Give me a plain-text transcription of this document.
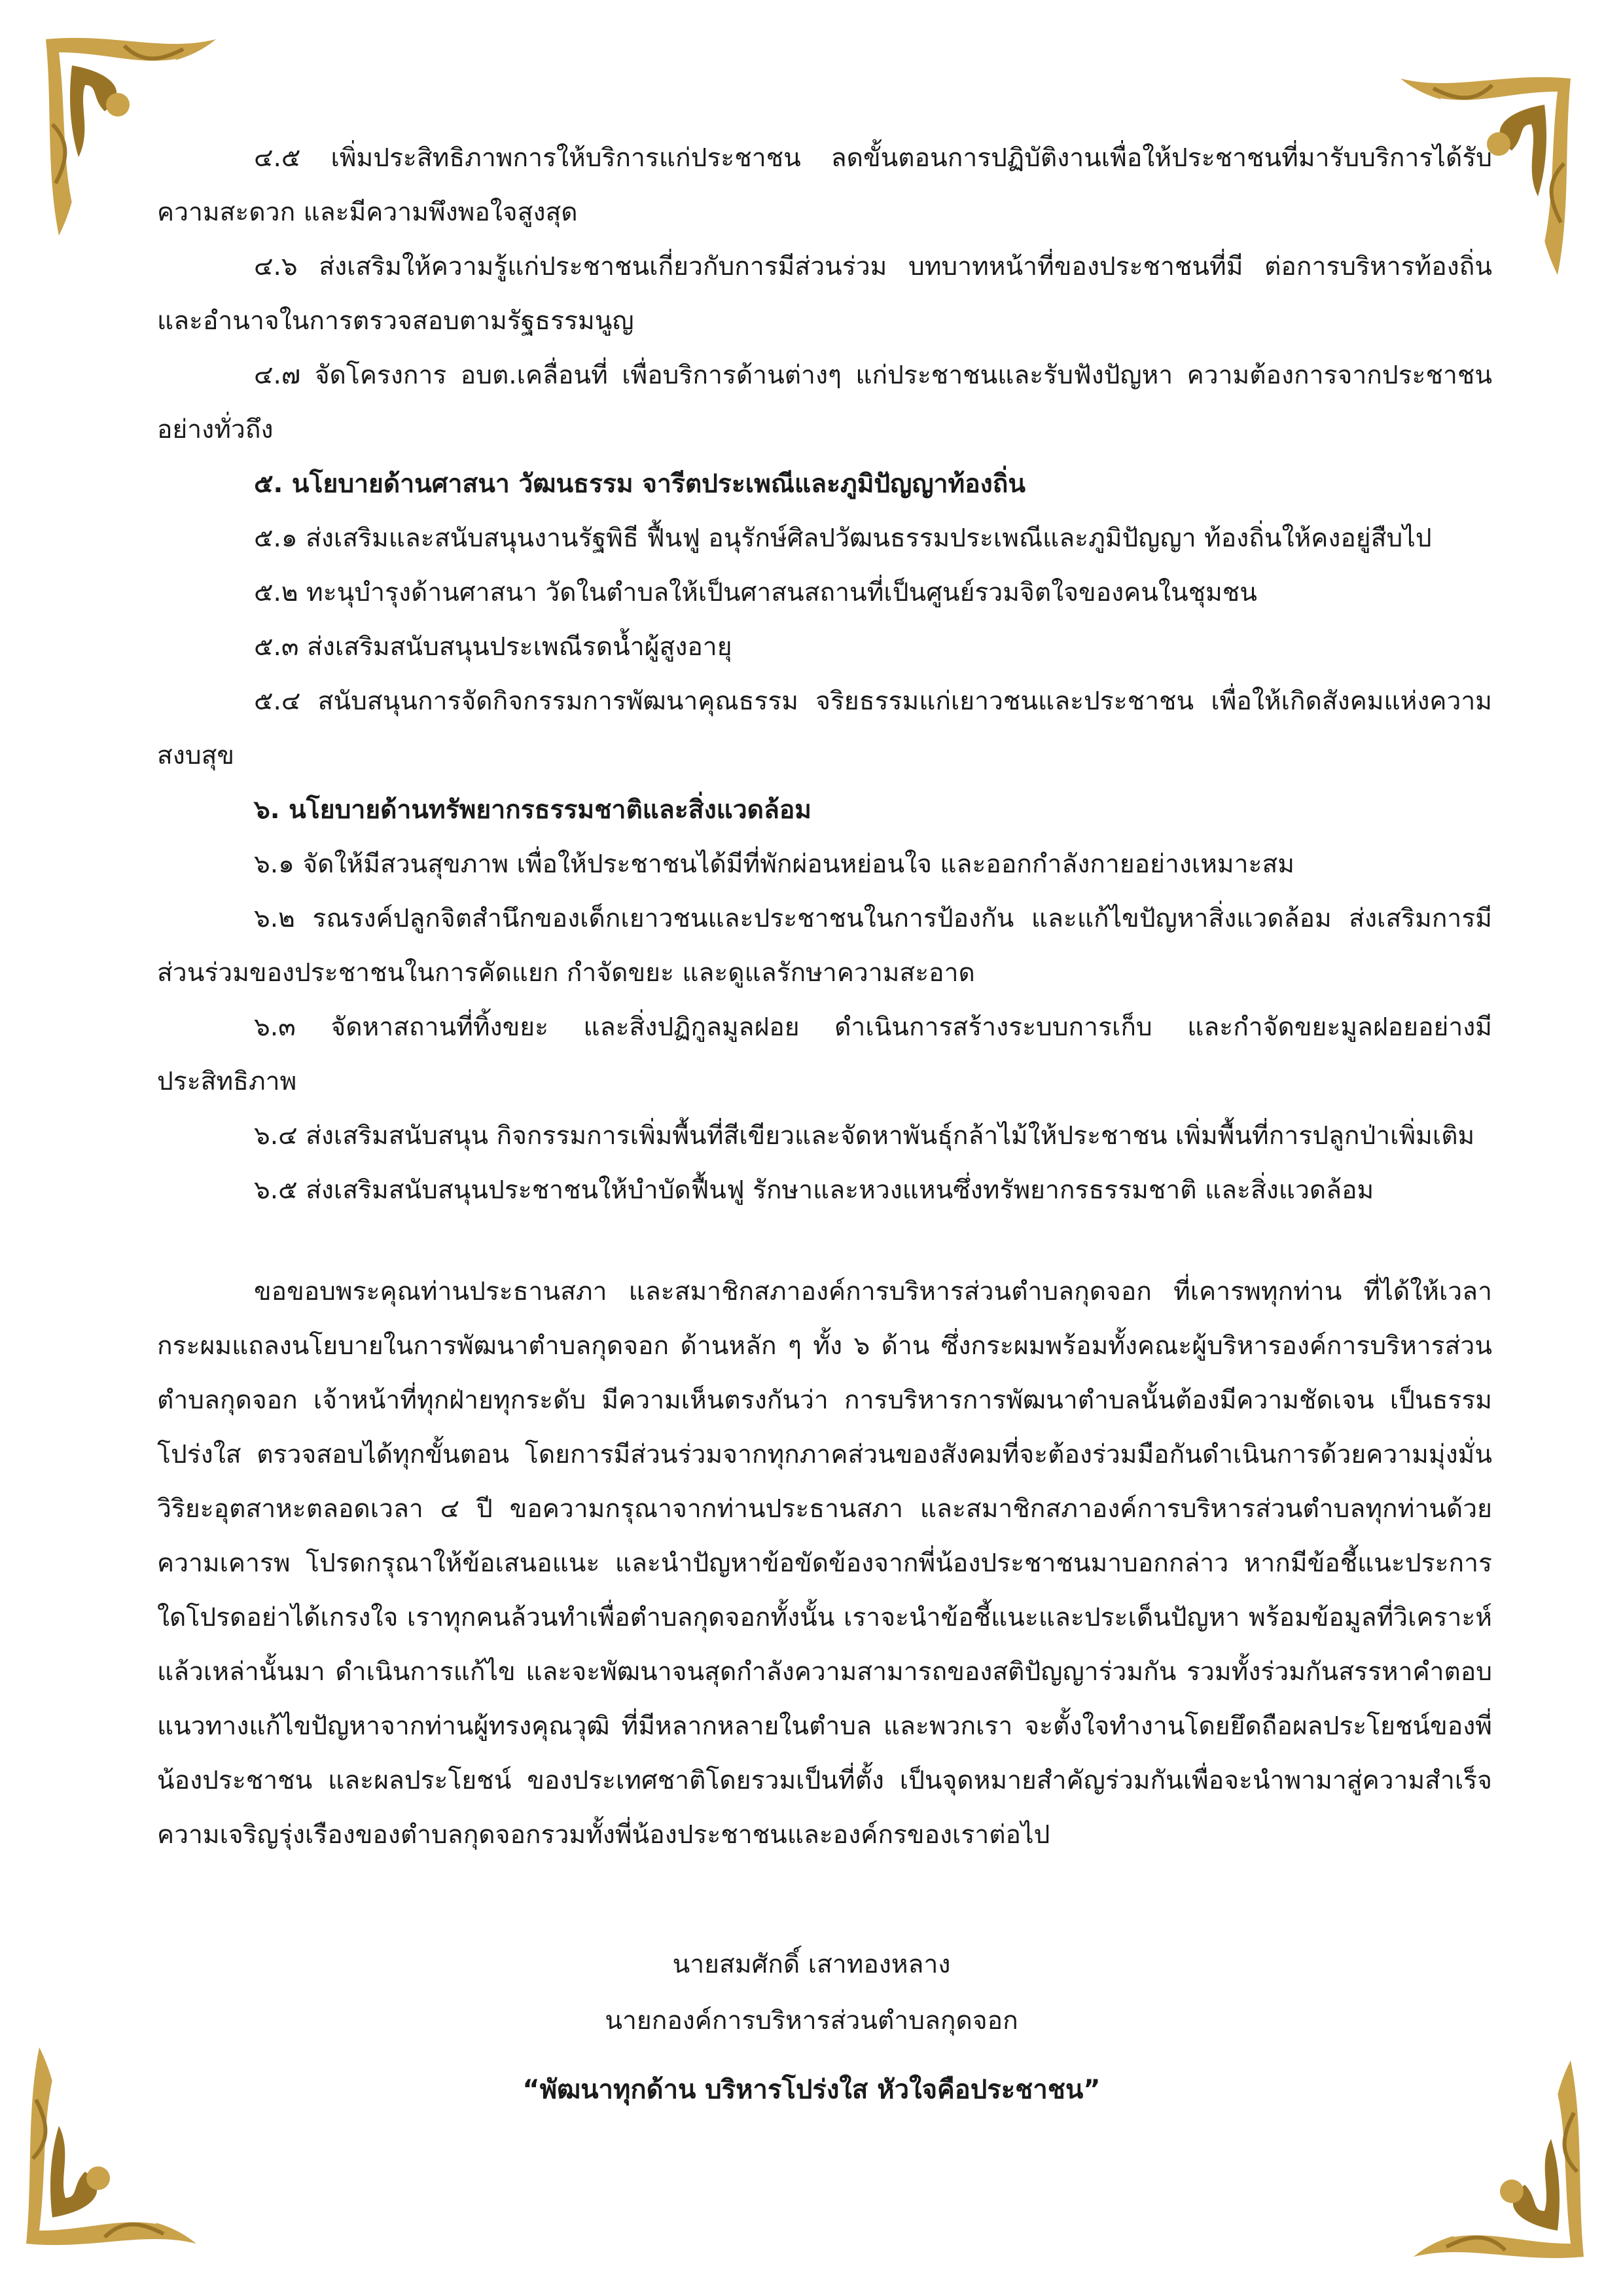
๔.๕ เพิ่มประสิทธิภาพการให้บริการแก่ประชาชน ลดขั้นตอนการปฏิบัติงานเพื่อให้ประชาชนที่มารับบริการได้รับความสะดวก และมีความพึงพอใจสูงสุด

๔.๖ ส่งเสริมให้ความรู้แก่ประชาชนเกี่ยวกับการมีส่วนร่วม บทบาทหน้าที่ของประชาชนที่มี ต่อการบริหารท้องถิ่นและอำนาจในการตรวจสอบตามรัฐธรรมนูญ

๔.๗ จัดโครงการ อบต.เคลื่อนที่ เพื่อบริการด้านต่างๆ แก่ประชาชนและรับฟังปัญหา ความต้องการจากประชาชนอย่างทั่วถึง

๕. นโยบายด้านศาสนา วัฒนธรรม จารีตประเพณีและภูมิปัญญาท้องถิ่น

๕.๑ ส่งเสริมและสนับสนุนงานรัฐพิธี ฟื้นฟู อนุรักษ์ศิลปวัฒนธรรมประเพณีและภูมิปัญญา ท้องถิ่นให้คงอยู่สืบไป

๕.๒ ทะนุบำรุงด้านศาสนา วัดในตำบลให้เป็นศาสนสถานที่เป็นศูนย์รวมจิตใจของคนในชุมชน

๕.๓ ส่งเสริมสนับสนุนประเพณีรดน้ำผู้สูงอายุ

๕.๔ สนับสนุนการจัดกิจกรรมการพัฒนาคุณธรรม จริยธรรมแก่เยาวชนและประชาชน เพื่อให้เกิดสังคมแห่งความสงบสุข

๖. นโยบายด้านทรัพยากรธรรมชาติและสิ่งแวดล้อม

๖.๑ จัดให้มีสวนสุขภาพ เพื่อให้ประชาชนได้มีที่พักผ่อนหย่อนใจ และออกกำลังกายอย่างเหมาะสม

๖.๒ รณรงค์ปลูกจิตสำนึกของเด็กเยาวชนและประชาชนในการป้องกัน และแก้ไขปัญหาสิ่งแวดล้อม ส่งเสริมการมีส่วนร่วมของประชาชนในการคัดแยก กำจัดขยะ และดูแลรักษาความสะอาด

๖.๓ จัดหาสถานที่ทิ้งขยะ และสิ่งปฏิกูลมูลฝอย ดำเนินการสร้างระบบการเก็บ และกำจัดขยะมูลฝอยอย่างมีประสิทธิภาพ

๖.๔ ส่งเสริมสนับสนุน กิจกรรมการเพิ่มพื้นที่สีเขียวและจัดหาพันธุ์กล้าไม้ให้ประชาชน เพิ่มพื้นที่การปลูกป่าเพิ่มเติม

๖.๕ ส่งเสริมสนับสนุนประชาชนให้บำบัดฟื้นฟู รักษาและหวงแหนซึ่งทรัพยากรธรรมชาติ และสิ่งแวดล้อม

ขอขอบพระคุณท่านประธานสภา และสมาชิกสภาองค์การบริหารส่วนตำบลกุดจอก ที่เคารพทุกท่าน ที่ได้ให้เวลากระผมแถลงนโยบายในการพัฒนาตำบลกุดจอก ด้านหลัก ๆ ทั้ง ๖ ด้าน ซึ่งกระผมพร้อมทั้งคณะผู้บริหารองค์การบริหารส่วนตำบลกุดจอก เจ้าหน้าที่ทุกฝ่ายทุกระดับ มีความเห็นตรงกันว่า การบริหารการพัฒนาตำบลนั้นต้องมีความชัดเจน เป็นธรรมโปร่งใส ตรวจสอบได้ทุกขั้นตอน โดยการมีส่วนร่วมจากทุกภาคส่วนของสังคมที่จะต้องร่วมมือกันดำเนินการด้วยความมุ่งมั่น วิริยะอุตสาหะตลอดเวลา ๔ ปี ขอความกรุณาจากท่านประธานสภา และสมาชิกสภาองค์การบริหารส่วนตำบลทุกท่านด้วยความเคารพ โปรดกรุณาให้ข้อเสนอแนะ และนำปัญหาข้อขัดข้องจากพี่น้องประชาชนมาบอกกล่าว หากมีข้อชี้แนะประการใดโปรดอย่าได้เกรงใจ เราทุกคนล้วนทำเพื่อตำบลกุดจอกทั้งนั้น เราจะนำข้อชี้แนะและประเด็นปัญหา พร้อมข้อมูลที่วิเคราะห์แล้วเหล่านั้นมา ดำเนินการแก้ไข และจะพัฒนาจนสุดกำลังความสามารถของสติปัญญาร่วมกัน รวมทั้งร่วมกันสรรหาคำตอบ แนวทางแก้ไขปัญหาจากท่านผู้ทรงคุณวุฒิ ที่มีหลากหลายในตำบล และพวกเรา จะตั้งใจทำงานโดยยึดถือผลประโยชน์ของพี่น้องประชาชน และผลประโยชน์ ของประเทศชาติโดยรวมเป็นที่ตั้ง เป็นจุดหมายสำคัญร่วมกันเพื่อจะนำพามาสู่ความสำเร็จ ความเจริญรุ่งเรืองของตำบลกุดจอกรวมทั้งพี่น้องประชาชนและองค์กรของเราต่อไป

นายสมศักดิ์ เสาทองหลาง
นายกองค์การบริหารส่วนตำบลกุดจอก
“พัฒนาทุกด้าน บริหารโปร่งใส หัวใจคือประชาชน”
